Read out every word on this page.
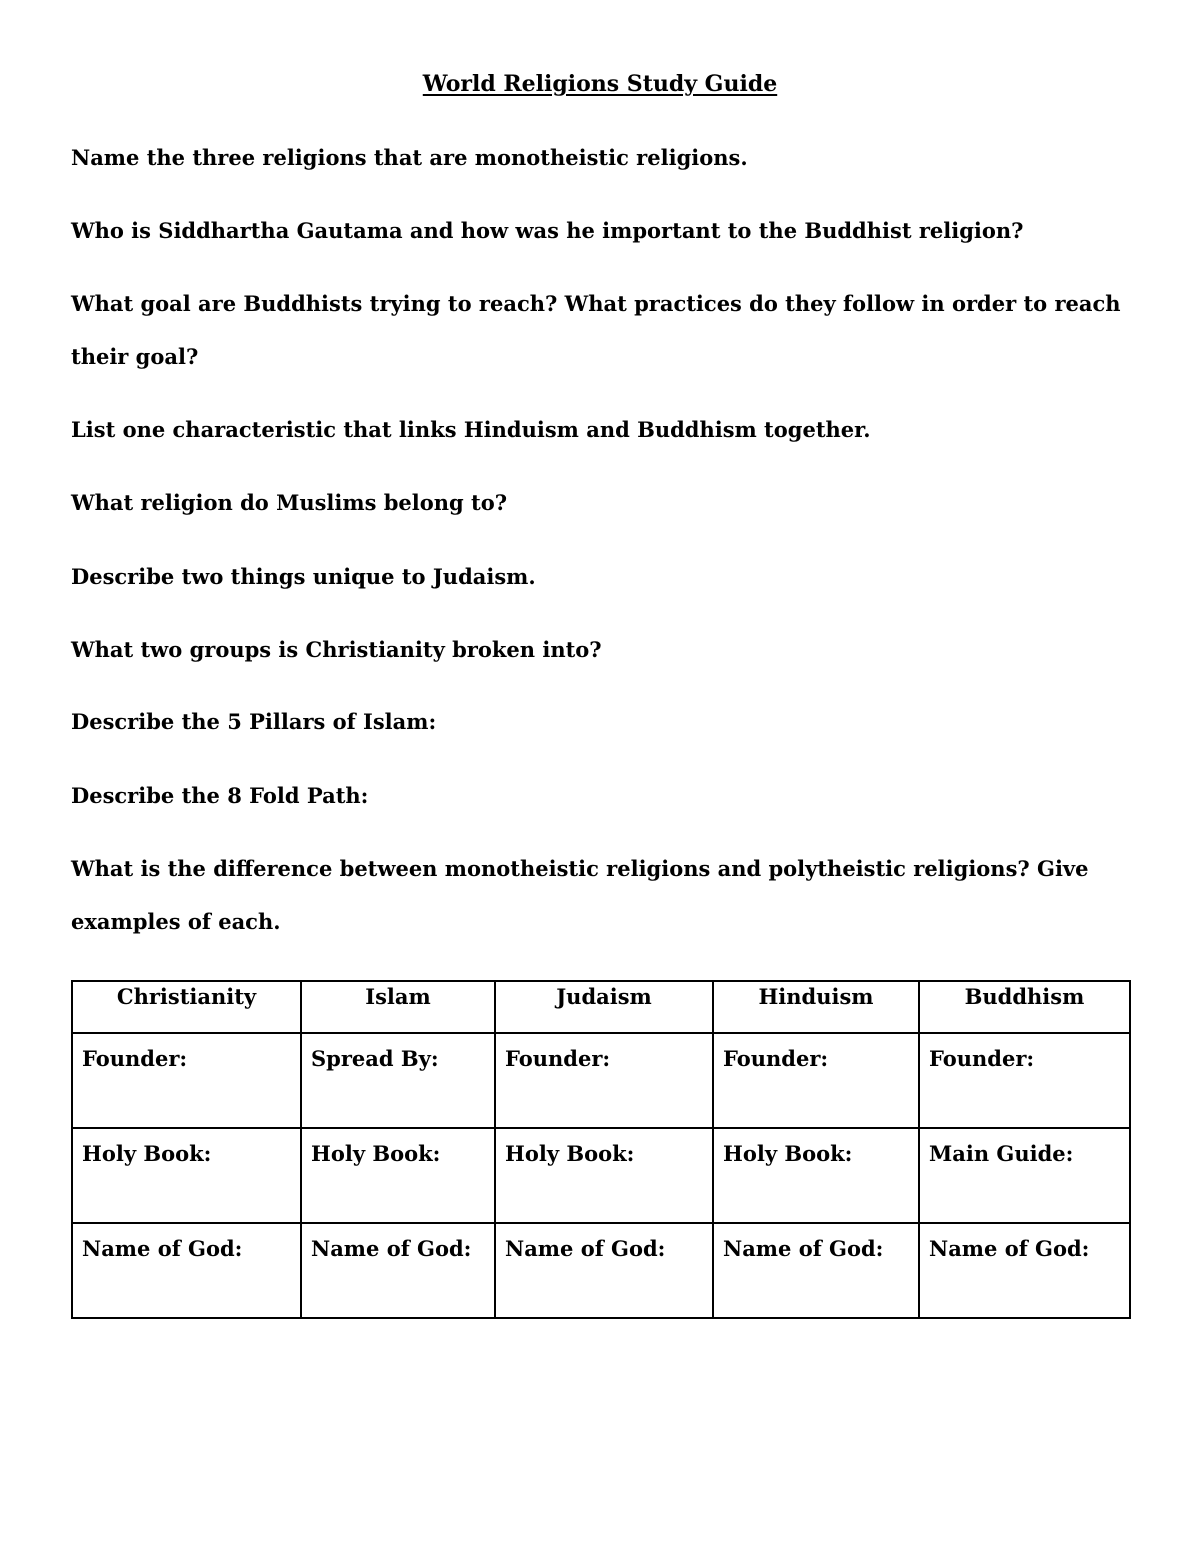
World Religions Study Guide

Name the three religions that are monotheistic religions.

Who is Siddhartha Gautama and how was he important to the Buddhist religion?

What goal are Buddhists trying to reach? What practices do they follow in order to reach their goal?

List one characteristic that links Hinduism and Buddhism together.

What religion do Muslims belong to?

Describe two things unique to Judaism.

What two groups is Christianity broken into?

Describe the 5 Pillars of Islam:

Describe the 8 Fold Path:

What is the difference between monotheistic religions and polytheistic religions? Give examples of each.

Christianity	Islam	Judaism	Hinduism	Buddhism
Founder:	Spread By:	Founder:	Founder:	Founder:
Holy Book:	Holy Book:	Holy Book:	Holy Book:	Main Guide:
Name of God:	Name of God:	Name of God:	Name of God:	Name of God:
